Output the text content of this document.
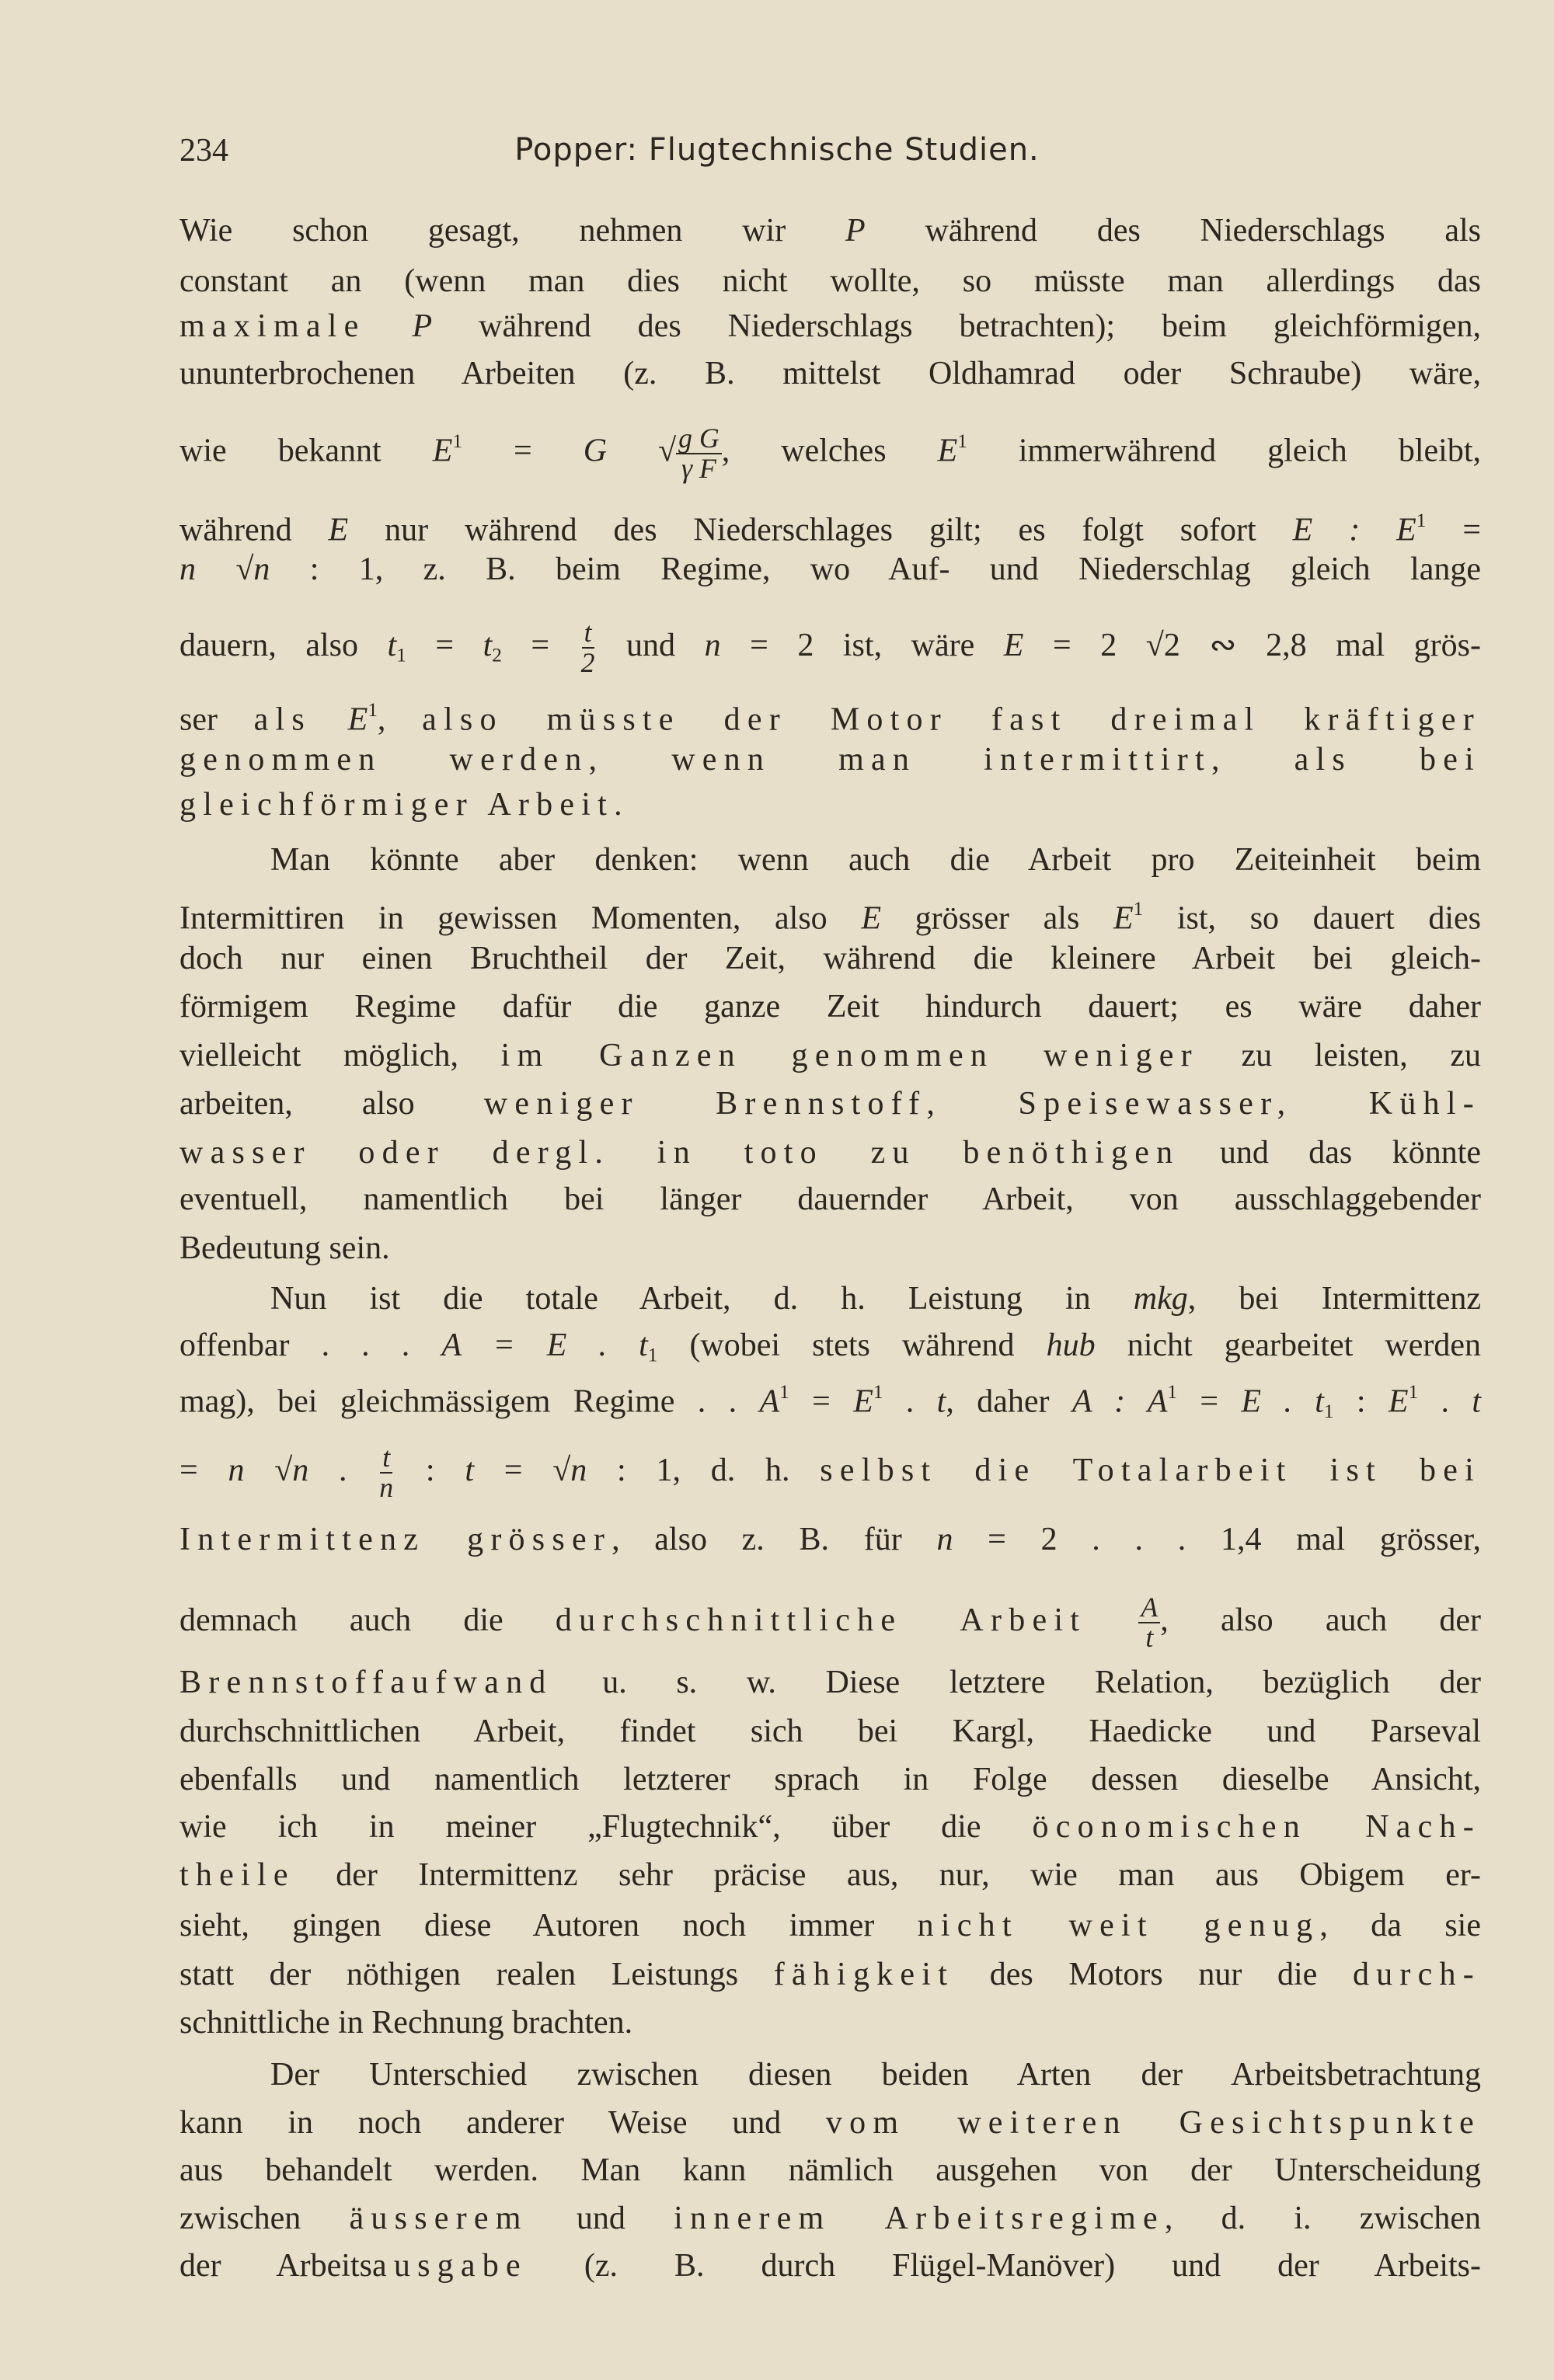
234	Popper: Flugtechnische Studien.
Wie schon gesagt, nehmen wir P während des Niederschlags als
constant an (wenn man dies nicht wollte, so müsste man allerdings das
maximale P während des Niederschlags betrachten); beim gleichförmigen,
ununterbrochenen Arbeiten (z. B. mittelst Oldhamrad oder Schraube) wäre,
wie bekannt $E^1 = G$ √ $\frac{\text{g G}}{\text{γ F}}$ , welches $E^1$ immerwährend gleich bleibt,
während E nur während des Niederschlages gilt; es folgt sofort E : $E^1$ =
n √n : 1, z. B. beim Regime, wo Auf- und Niederschlag gleich lange
dauern, also $t_1 = t_2 = \frac{t}{2}$ und n = 2 ist, wäre E = 2 √2 ∾ 2,8 mal grös-
ser als $E^1$, also müsste der Motor fast dreimal kräftiger
genommen werden, wenn man intermittirt, als bei
gleichförmiger Arbeit.
Man könnte aber denken: wenn auch die Arbeit pro Zeiteinheit beim
Intermittiren in gewissen Momenten, also E grösser als $E^1$ ist, so dauert dies
doch nur einen Bruchtheil der Zeit, während die kleinere Arbeit bei gleich-
förmigem Regime dafür die ganze Zeit hindurch dauert; es wäre daher
vielleicht möglich, im Ganzen genommen weniger zu leisten, zu
arbeiten, also weniger Brennstoff, Speisewasser, Kühl-
wasser oder dergl. in toto zu benöthigen und das könnte
eventuell, namentlich bei länger dauernder Arbeit, von ausschlaggebender
Bedeutung sein.
Nun ist die totale Arbeit, d. h. Leistung in mkg, bei Intermittenz
offenbar . . . A = E . $t_1$ (wobei stets während hub nicht gearbeitet werden
mag), bei gleichmässigem Regime . . $A^1 = E^1$ . t, daher A : $A^1 = E$ . $t_1$ : $E^1$ . t
= n √n . $\frac{t}{n}$ : t = √n : 1, d. h. selbst die Totalarbeit ist bei
Intermittenz grösser, also z. B. für n = 2 . . . 1,4 mal grösser,
demnach auch die durchschnittliche Arbeit $\frac{A}{t}$ , also auch der
Brennstoffaufwand u. s. w. Diese letztere Relation, bezüglich der
durchschnittlichen Arbeit, findet sich bei Kargl, Haedicke und Parseval
ebenfalls und namentlich letzterer sprach in Folge dessen dieselbe Ansicht,
wie ich in meiner „Flugtechnik“, über die öconomischen Nach-
theile der Intermittenz sehr präcise aus, nur, wie man aus Obigem er-
sieht, gingen diese Autoren noch immer nicht weit genug, da sie
statt der nöthigen realen Leistungs fähigkeit des Motors nur die durch-
schnittliche in Rechnung brachten.
Der Unterschied zwischen diesen beiden Arten der Arbeitsbetrachtung
kann in noch anderer Weise und vom weiteren Gesichtspunkte
aus behandelt werden. Man kann nämlich ausgehen von der Unterscheidung
zwischen äusserem und innerem Arbeitsregime, d. i. zwischen
der Arbeitsausgabe (z. B. durch Flügel-Manöver) und der Arbeits-
